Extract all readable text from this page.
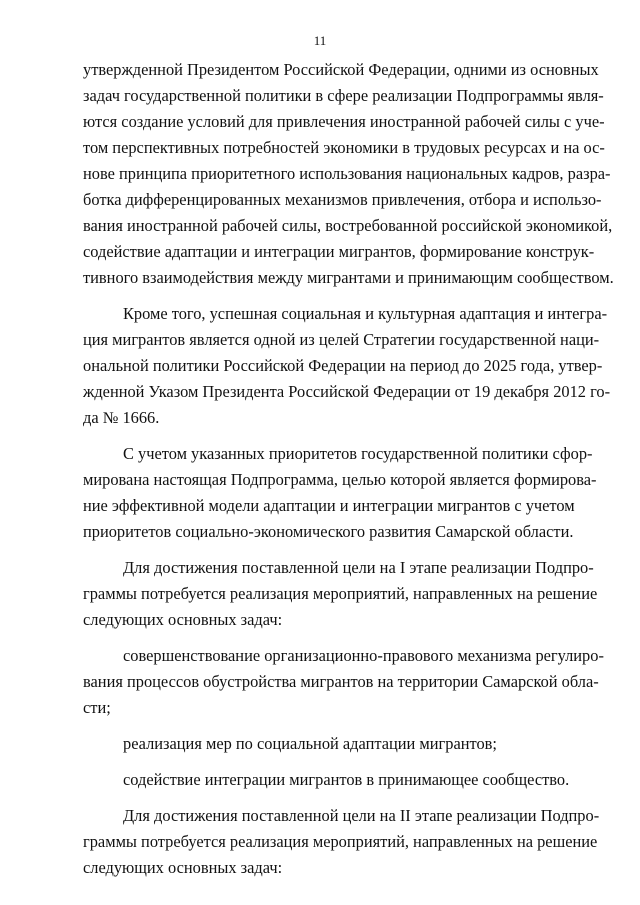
11
утвержденной Президентом Российской Федерации, одними из основных
задач государственной политики в сфере реализации Подпрограммы явля-
ются создание условий для привлечения иностранной рабочей силы с уче-
том перспективных потребностей экономики в трудовых ресурсах и на ос-
нове принципа приоритетного использования национальных кадров, разра-
ботка дифференцированных механизмов привлечения, отбора и использо-
вания иностранной рабочей силы, востребованной российской экономикой,
содействие адаптации и интеграции мигрантов, формирование конструк-
тивного взаимодействия между мигрантами и принимающим сообществом.
Кроме того, успешная социальная и культурная адаптация и интегра-
ция мигрантов является одной из целей Стратегии государственной наци-
ональной политики Российской Федерации на период до 2025 года, утвер-
жденной Указом Президента Российской Федерации от 19 декабря 2012 го-
да № 1666.
С учетом указанных приоритетов государственной политики сфор-
мирована настоящая Подпрограмма, целью которой является формирова-
ние эффективной модели адаптации и интеграции мигрантов с учетом
приоритетов социально-экономического развития Самарской области.
Для достижения поставленной цели на I этапе реализации Подпро-
граммы потребуется реализация мероприятий, направленных на решение
следующих основных задач:
совершенствование организационно-правового механизма регулиро-
вания процессов обустройства мигрантов на территории Самарской обла-
сти;
реализация мер по социальной адаптации мигрантов;
содействие интеграции мигрантов в принимающее сообщество.
Для достижения поставленной цели на II этапе реализации Подпро-
граммы потребуется реализация мероприятий, направленных на решение
следующих основных задач:
